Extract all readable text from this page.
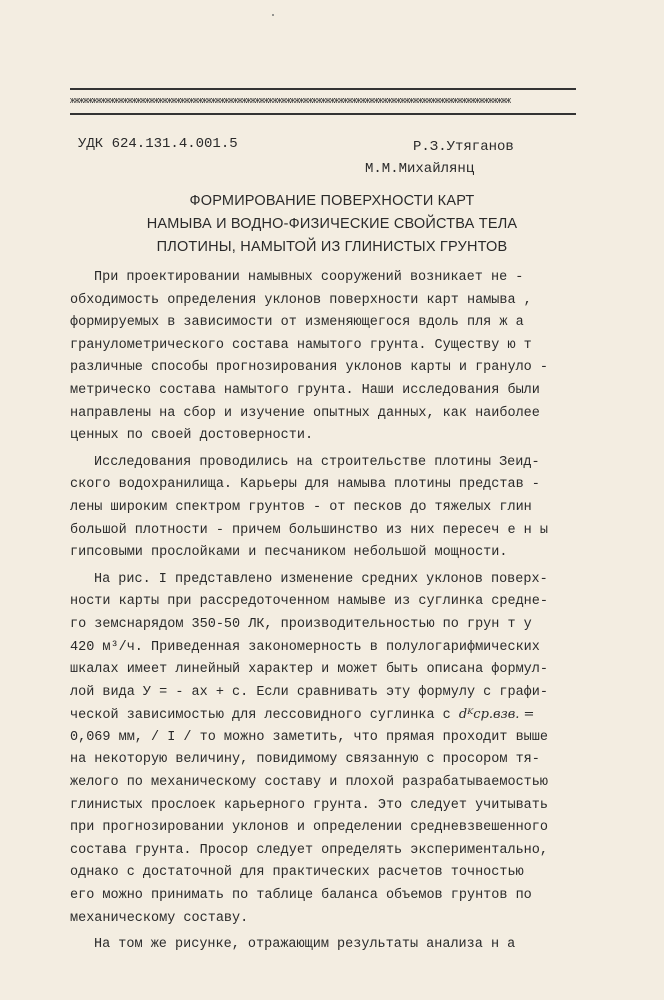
жжжжжжжжжжжжжжжжжжжжжжжжжжжжжжжжжжжжжжжжжжжжжжжжжжжжжжжжжжжжжжжжжжжжжжжжжжжжжжжжжжжжжжжжжжжжжжжжжжжж
УДК 624.131.4.001.5	Р.З.Утяганов
М.М.Михайлянц
ФОРМИРОВАНИЕ ПОВЕРХНОСТИ КАРТ
НАМЫВА И ВОДНО-ФИЗИЧЕСКИЕ СВОЙСТВА ТЕЛА
ПЛОТИНЫ, НАМЫТОЙ ИЗ ГЛИНИСТЫХ ГРУНТОВ
При проектировании намывных сооружений возникает не -
обходимость определения уклонов поверхности карт намыва ,
формируемых в зависимости от изменяющегося вдоль пля ж а
гранулометрического состава намытого грунта. Существу ю т
различные способы прогнозирования уклонов карты и грануло -
метрическо состава намытого грунта. Наши исследования были
направлены на сбор и изучение опытных данных, как наиболее
ценных по своей достоверности.
Исследования проводились на строительстве плотины Зеид-
ского водохранилища. Карьеры для намыва плотины представ -
лены широким спектром грунтов - от песков до тяжелых глин
большой плотности - причем большинство из них пересеч е н ы
гипсовыми прослойками и песчаником небольшой мощности.
На рис. I представлено изменение средних уклонов поверх-
ности карты при рассредоточенном намыве из суглинка средне-
го земснарядом 350-50 ЛК, производительностью по грун т у
420 м³/ч. Приведенная закономерность в полулогарифмических
шкалах имеет линейный характер и может быть описана формул-
лой вида У = - ах + с. Если сравнивать эту формулу с графи-
ческой зависимостью для лессовидного суглинка с dᴷср.взв. =
0,069 мм, / I / то можно заметить, что прямая проходит выше
на некоторую величину, повидимому связанную с просором тя-
желого по механическому составу и плохой разрабатываемостью
глинистых прослоек карьерного грунта. Это следует учитывать
при прогнозировании уклонов и определении средневзвешенного
состава грунта. Просор следует определять экспериментально,
однако с достаточной для практических расчетов точностью
его можно принимать по таблице баланса объемов грунтов по
механическому составу.
На том же рисунке, отражающим результаты анализа н а
